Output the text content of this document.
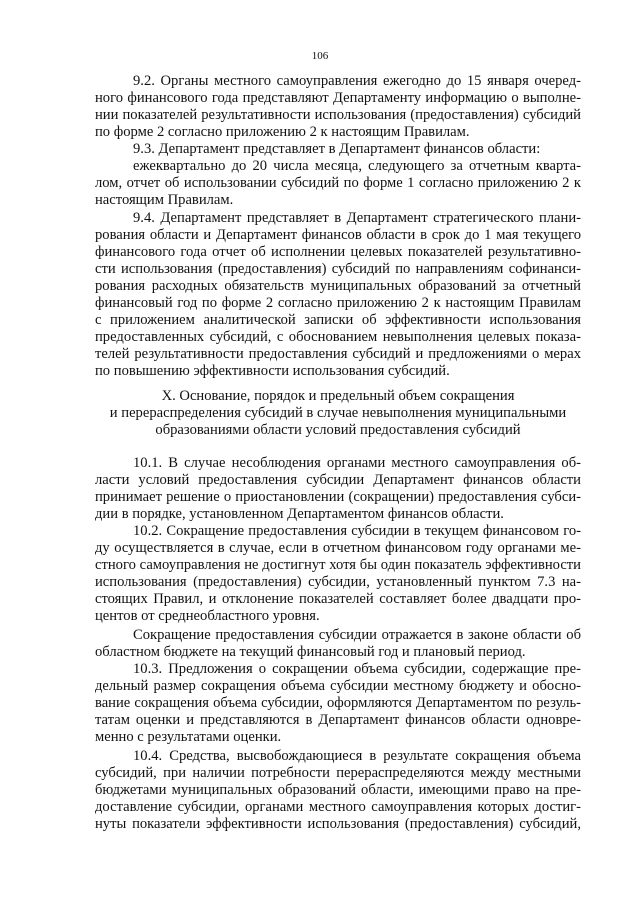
106
9.2. Органы местного самоуправления ежегодно до 15 января очеред-
ного финансового года представляют Департаменту информацию о выполне-
нии показателей результативности использования (предоставления) субсидий
по форме 2 согласно приложению 2 к настоящим Правилам.
9.3. Департамент представляет в Департамент финансов области:
ежеквартально до 20 числа месяца, следующего за отчетным кварта-
лом, отчет об использовании субсидий по форме 1 согласно приложению 2 к
настоящим Правилам.
9.4. Департамент представляет в Департамент стратегического плани-
рования области и Департамент финансов области в срок до 1 мая текущего
финансового года отчет об исполнении целевых показателей результативно-
сти использования (предоставления) субсидий по направлениям софинанси-
рования расходных обязательств муниципальных образований за отчетный
финансовый год по форме 2 согласно приложению 2 к настоящим Правилам
с приложением аналитической записки об эффективности использования
предоставленных субсидий, с обоснованием невыполнения целевых показа-
телей результативности предоставления субсидий и предложениями о мерах
по повышению эффективности использования субсидий.
X. Основание, порядок и предельный объем сокращения
и перераспределения субсидий в случае невыполнения муниципальными
образованиями области условий предоставления субсидий
10.1. В случае несоблюдения органами местного самоуправления об-
ласти условий предоставления субсидии Департамент финансов области
принимает решение о приостановлении (сокращении) предоставления субси-
дии в порядке, установленном Департаментом финансов области.
10.2. Сокращение предоставления субсидии в текущем финансовом го-
ду осуществляется в случае, если в отчетном финансовом году органами ме-
стного самоуправления не достигнут хотя бы один показатель эффективности
использования (предоставления) субсидии, установленный пунктом 7.3 на-
стоящих Правил, и отклонение показателей составляет более двадцати про-
центов от среднеобластного уровня.
Сокращение предоставления субсидии отражается в законе области об
областном бюджете на текущий финансовый год и плановый период.
10.3. Предложения о сокращении объема субсидии, содержащие пре-
дельный размер сокращения объема субсидии местному бюджету и обосно-
вание сокращения объема субсидии, оформляются Департаментом по резуль-
татам оценки и представляются в Департамент финансов области одновре-
менно с результатами оценки.
10.4. Средства, высвобождающиеся в результате сокращения объема
субсидий, при наличии потребности перераспределяются между местными
бюджетами муниципальных образований области, имеющими право на пре-
доставление субсидии, органами местного самоуправления которых достиг-
нуты показатели эффективности использования (предоставления) субсидий,
